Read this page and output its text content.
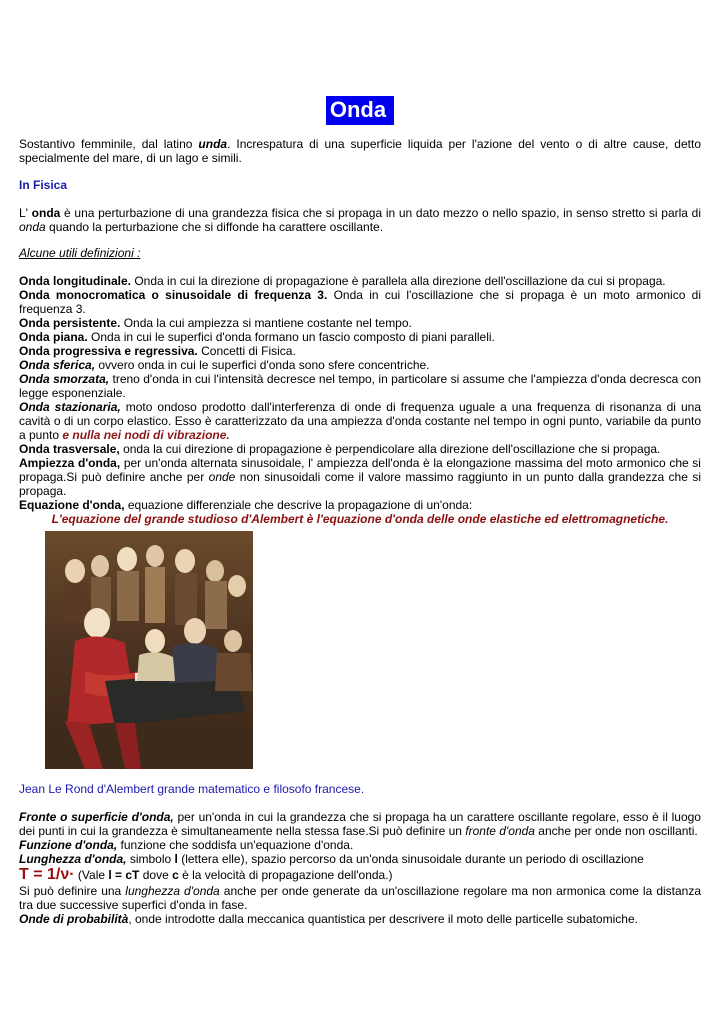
Onda

Sostantivo femminile, dal latino unda. Increspatura di una superficie liquida per l'azione del vento o di altre cause, detto specialmente del mare, di un lago e simili.

In Fisica

L' onda è una perturbazione di una grandezza fisica che si propaga in un dato mezzo o nello spazio, in senso stretto si parla di onda quando la perturbazione che si diffonde ha carattere oscillante.

Alcune utili definizioni :

Onda longitudinale. Onda in cui la direzione di propagazione è parallela alla direzione dell'oscillazione da cui si propaga.

Onda monocromatica o sinusoidale di frequenza 3. Onda in cui l'oscillazione che si propaga è un moto armonico di frequenza 3.

Onda persistente. Onda la cui ampiezza si mantiene costante nel tempo.

Onda piana. Onda in cui le superfici d'onda formano un fascio composto di piani paralleli.

Onda progressiva e regressiva. Concetti di Fisica.

Onda sferica, ovvero onda in cui le superfici d'onda sono sfere concentriche.

Onda smorzata, treno d'onda in cui l'intensità decresce nel tempo, in particolare si assume che l'ampiezza d'onda decresca con legge esponenziale.

Onda stazionaria, moto ondoso prodotto dall'interferenza di onde di frequenza uguale a una frequenza di risonanza di una cavità o di un corpo elastico. Esso è caratterizzato da una ampiezza d'onda costante nel tempo in ogni punto, variabile da punto a punto e nulla nei nodi di vibrazione.

Onda trasversale, onda la cui direzione di propagazione è perpendicolare alla direzione dell'oscillazione che si propaga.

Ampiezza d'onda, per un'onda alternata sinusoidale, l' ampiezza dell'onda è la elongazione massima del moto armonico che si propaga.Si può definire anche per onde non sinusoidali come il valore massimo raggiunto in un punto dalla grandezza che si propaga.

Equazione d'onda, equazione differenziale che descrive la propagazione di un'onda:

L'equazione del grande studioso d'Alembert è l'equazione d'onda delle onde elastiche ed elettromagnetiche.

Jean Le Rond d'Alembert grande matematico e filosofo francese.

Fronte o superficie d'onda, per un'onda in cui la grandezza che si propaga ha un carattere oscillante regolare, esso è il luogo dei punti in cui la grandezza è simultaneamente nella stessa fase.Si può definire un fronte d'onda anche per onde non oscillanti.

Funzione d'onda, funzione che soddisfa un'equazione d'onda.

Lunghezza d'onda, simbolo l (lettera elle), spazio percorso da un'onda sinusoidale durante un periodo di oscillazione

T = 1/ν· (Vale l = cT dove c è la velocità di propagazione dell'onda.)

Si può definire una lunghezza d'onda anche per onde generate da un'oscillazione regolare ma non armonica come la distanza tra due successive superfici d'onda in fase.

Onde di probabilità, onde introdotte dalla meccanica quantistica per descrivere il moto delle particelle subatomiche.
